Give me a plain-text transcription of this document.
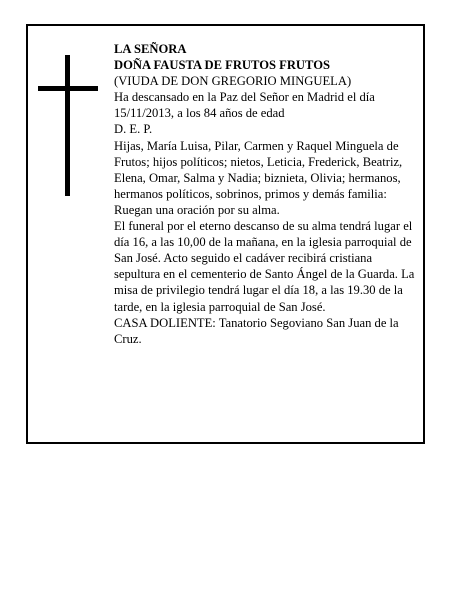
LA SEÑORA

DOÑA FAUSTA DE FRUTOS FRUTOS

(VIUDA DE DON GREGORIO MINGUELA)

Ha descansado en la Paz del Señor en Madrid el día 15/11/2013, a los 84 años de edad

D. E. P.

Hijas, María Luisa, Pilar, Carmen y Raquel Minguela de Frutos; hijos políticos; nietos, Leticia, Frederick, Beatriz, Elena, Omar, Salma y Nadia; biznieta, Olivia; hermanos, hermanos políticos, sobrinos, primos y demás familia:

Ruegan una oración por su alma.

El funeral por el eterno descanso de su alma tendrá lugar el día 16, a las 10,00 de la mañana, en la iglesia parroquial de San José. Acto seguido el cadáver recibirá cristiana sepultura en el cementerio de Santo Ángel de la Guarda. La misa de privilegio tendrá lugar el día 18, a las 19.30 de la tarde, en la iglesia parroquial de San José.

CASA DOLIENTE: Tanatorio Segoviano San Juan de la Cruz.
